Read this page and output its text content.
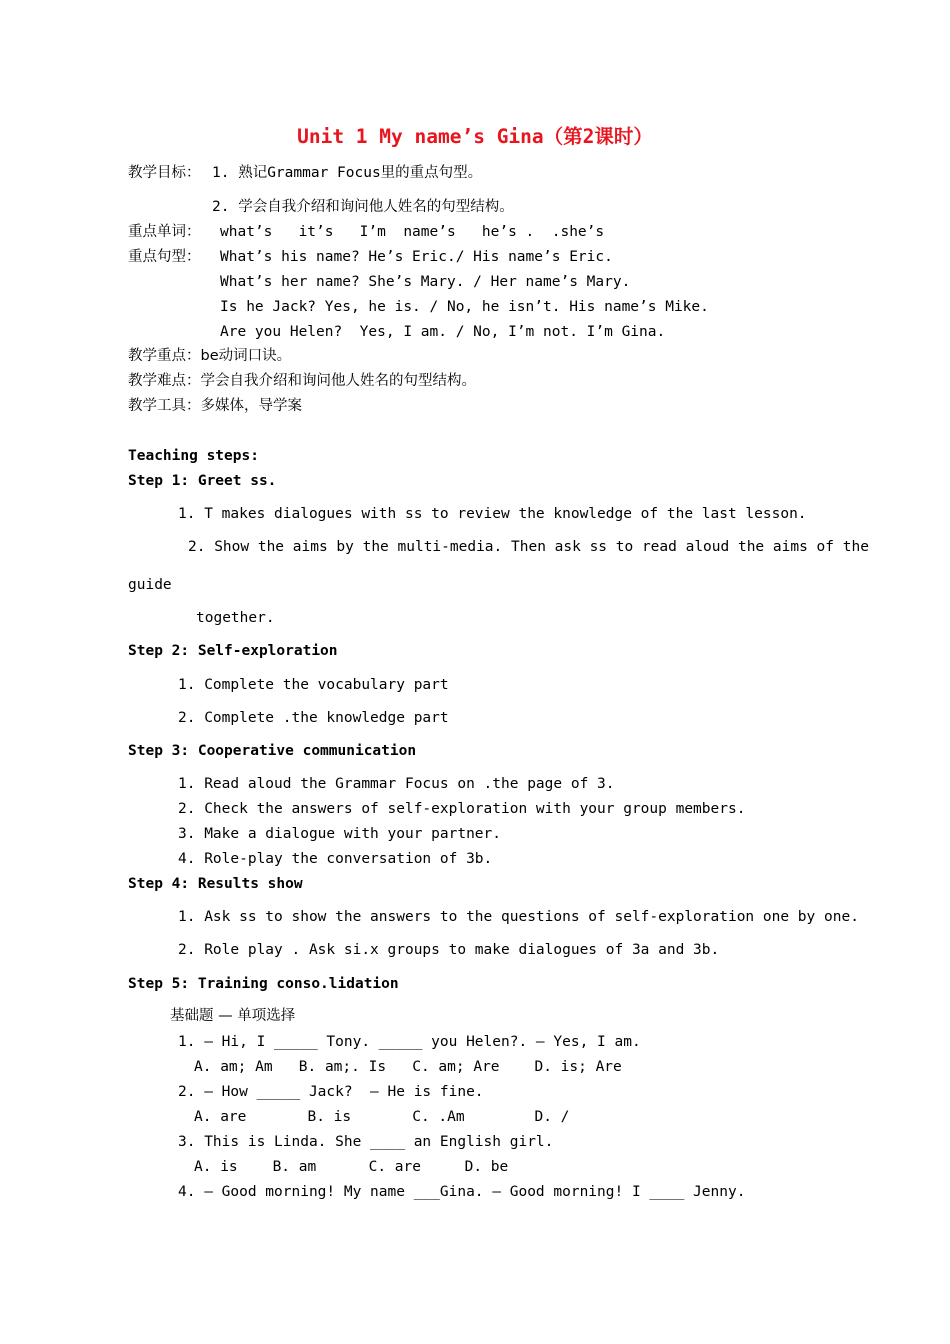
Unit 1 My name’s Gina（第2课时）
教学目标： 1. 熟记Grammar Focus里的重点句型。
2. 学会自我介绍和询问他人姓名的句型结构。
重点单词： what’s   it’s   I’m  name’s   he’s .  .she’s
重点句型： What’s his name? He’s Eric./ His name’s Eric.
What’s her name? She’s Mary. / Her name’s Mary.
Is he Jack? Yes, he is. / No, he isn’t. His name’s Mike.
Are you Helen?  Yes, I am. / No, I’m not. I’m Gina.
教学重点：be动词口诀。
教学难点：学会自我介绍和询问他人姓名的句型结构。
教学工具：多媒体，导学案
Teaching steps:
Step 1: Greet ss.
1. T makes dialogues with ss to review the knowledge of the last lesson.
2. Show the aims by the multi-media. Then ask ss to read aloud the aims of the
guide
together.
Step 2: Self-exploration
1. Complete the vocabulary part
2. Complete .the knowledge part
Step 3: Cooperative communication
1. Read aloud the Grammar Focus on .the page of 3.
2. Check the answers of self-exploration with your group members.
3. Make a dialogue with your partner.
4. Role-play the conversation of 3b.
Step 4: Results show
1. Ask ss to show the answers to the questions of self-exploration one by one.
2. Role play . Ask si.x groups to make dialogues of 3a and 3b.
Step 5: Training conso.lidation
基础题 — 单项选择
1. — Hi, I _____ Tony. _____ you Helen?. — Yes, I am.
A. am; Am   B. am;. Is   C. am; Are    D. is; Are
2. — How _____ Jack?  — He is fine.
A. are       B. is       C. .Am        D. /
3. This is Linda. She ____ an English girl.
A. is    B. am      C. are     D. be
4. — Good morning! My name ___Gina. — Good morning! I ____ Jenny.
